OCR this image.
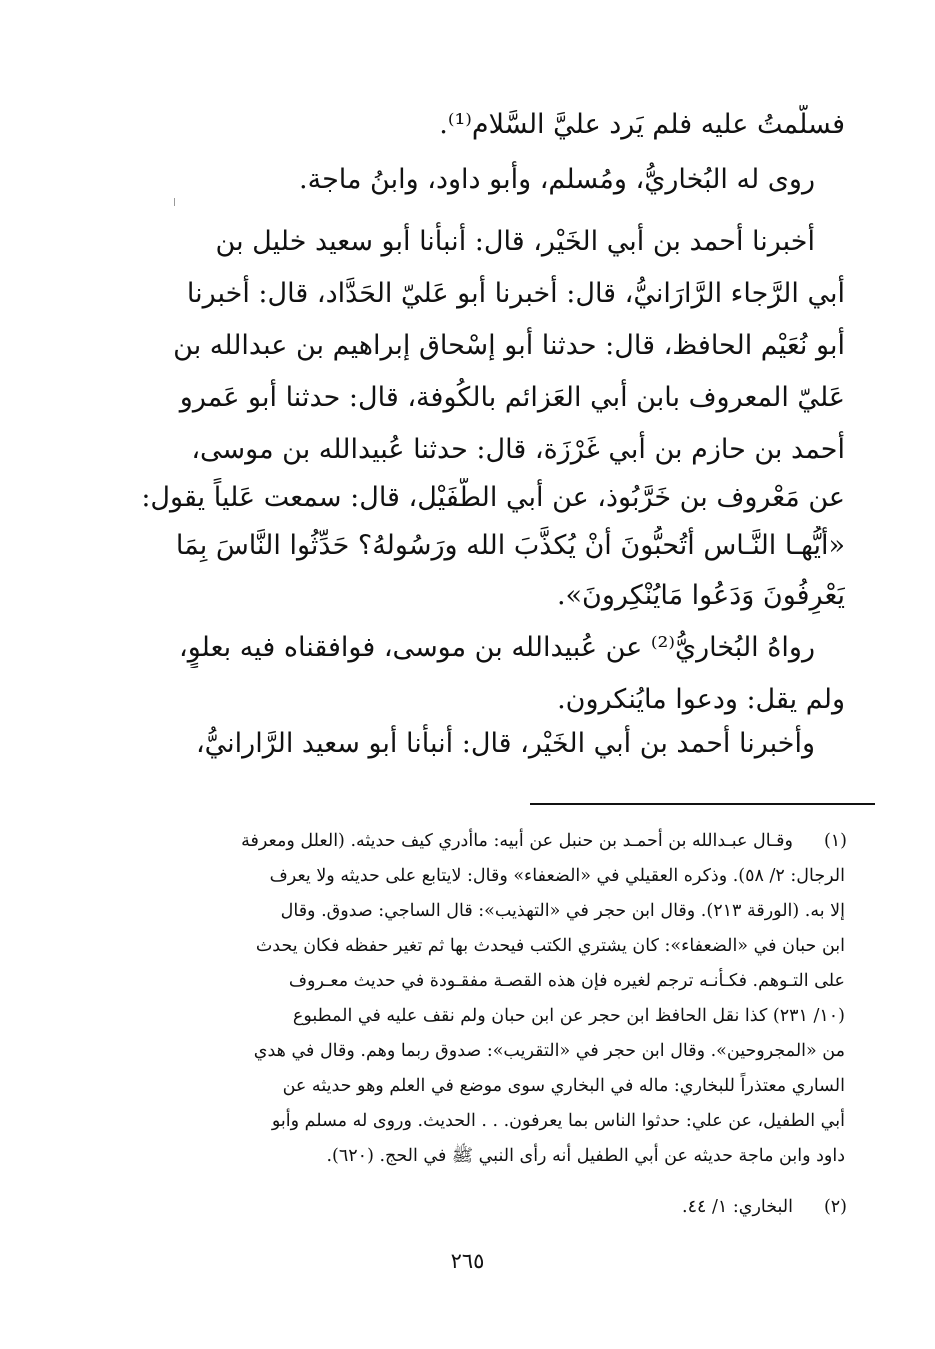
فسلَّمتُ عليه فلم يَرد عليَّ السَّلام⁽¹⁾.
روى له البُخاريُّ، ومُسلم، وأبو داود، وابنُ ماجة.
أخبرنا أحمد بن أبي الخَيْر، قال: أنبأنا أبو سعيد خليل بن
أبي الرَّجاء الرَّارَانيُّ، قال: أخبرنا أبو عَليّ الحَدَّاد، قال: أخبرنا
أبو نُعَيْم الحافظ، قال: حدثنا أبو إسْحاق إبراهيم بن عبدالله بن
عَليّ المعروف بابن أبي العَزائم بالكُوفة، قال: حدثنا أبو عَمرو
أحمد بن حازم بن أبي غَرْزَة، قال: حدثنا عُبيدالله بن موسى،
عن مَعْروف بن خَرَّبُوذ، عن أبي الطُّفَيْل، قال: سمعت عَلياً يقول:
«أيُّهـا النَّـاس أتُحبُّونَ أنْ يُكذَّبَ الله ورَسُولهُ؟ حَدِّثُوا النَّاسَ بِمَا
يَعْرِفُونَ وَدَعُوا مَايُنْكِرونَ».
رواهُ البُخاريُّ⁽²⁾ عن عُبيدالله بن موسى، فوافقناه فيه بعلوٍ،
ولم يقل: ودعوا مايُنكرون.
وأخبرنا أحمد بن أبي الخَيْر، قال: أنبأنا أبو سعيد الرَّارانيُّ،
(١)
وقـال عبـدالله بن أحمـد بن حنبل عن أبيه: ماأدري كيف حديثه. (العلل ومعرفة
الرجال: ٢/ ٥٨). وذكره العقيلي في «الضعفاء» وقال: لايتابع على حديثه ولا يعرف
إلا به. (الورقة ٢١٣). وقال ابن حجر في «التهذيب»: قال الساجي: صدوق. وقال
ابن حبان في «الضعفاء»: كان يشتري الكتب فيحدث بها ثم تغير حفظه فكان يحدث
على التـوهم. فكـأنـه ترجم لغيره فإن هذه القصـة مفقـودة في حديث معـروف
(١٠/ ٢٣١) كذا نقل الحافظ ابن حجر عن ابن حبان ولم نقف عليه في المطبوع
من «المجروحين». وقال ابن حجر في «التقريب»: صدوق ربما وهم. وقال في هدي
الساري معتذراً للبخاري: ماله في البخاري سوى موضع في العلم وهو حديثه عن
أبي الطفيل، عن علي: حدثوا الناس بما يعرفون. . . الحديث. وروى له مسلم وأبو
داود وابن ماجة حديثه عن أبي الطفيل أنه رأى النبي ﷺ في الحج. (٦٢٠).
(٢)
البخاري: ١/ ٤٤.
٢٦٥
